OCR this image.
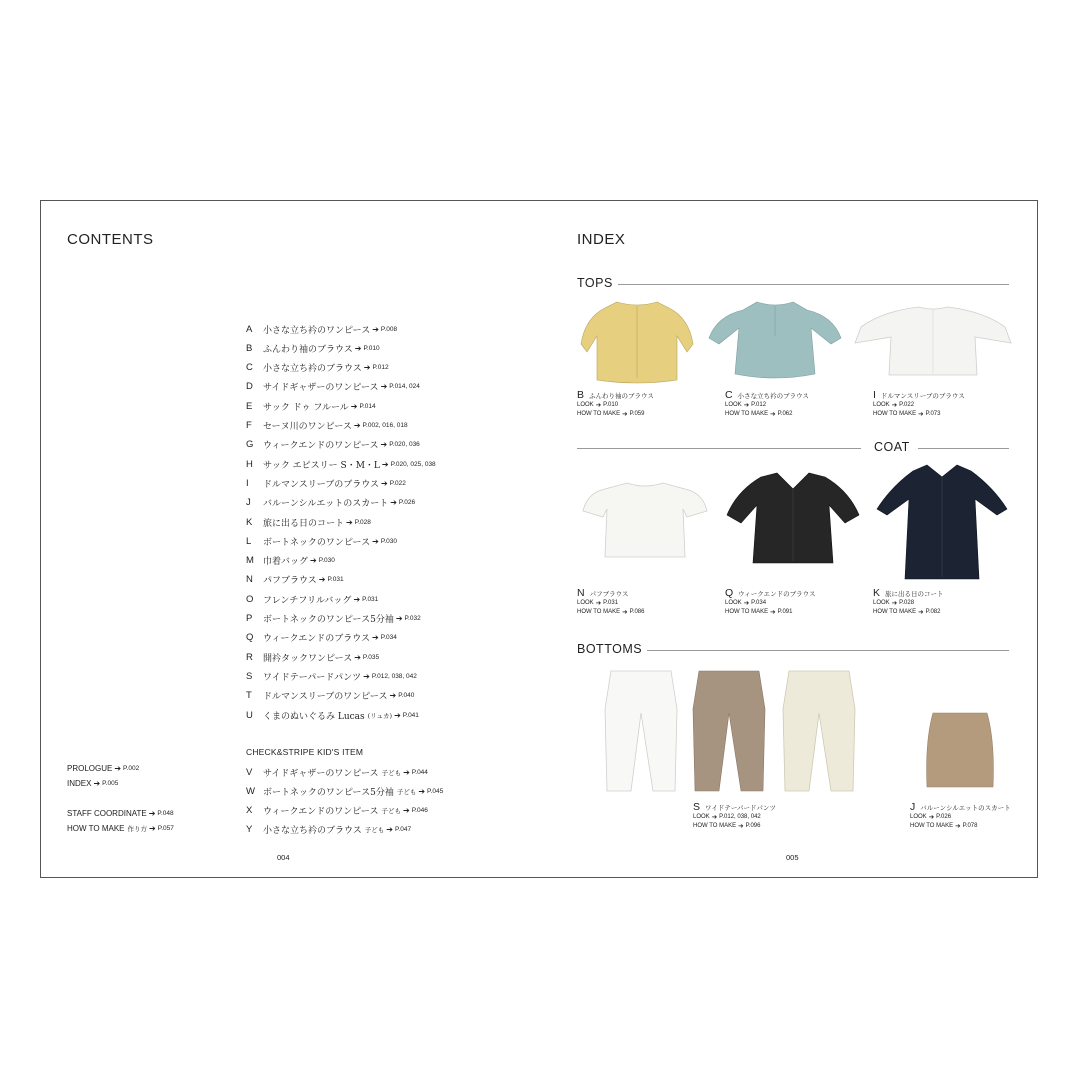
CONTENTS
A	小さな立ち衿のワンピース ➔ P.008
B	ふんわり袖のブラウス ➔ P.010
C	小さな立ち衿のブラウス ➔ P.012
D	サイドギャザーのワンピース ➔ P.014, 024
E	サック ドゥ フルール ➔ P.014
F	セーヌ川のワンピース ➔ P.002, 016, 018
G	ウィークエンドのワンピース ➔ P.020, 036
H	サック エピスリー S・M・L ➔ P.020, 025, 038
I	ドルマンスリーブのブラウス ➔ P.022
J	バルーンシルエットのスカート ➔ P.026
K	旅に出る日のコート ➔ P.028
L	ボートネックのワンピース ➔ P.030
M	巾着バッグ ➔ P.030
N	パフブラウス ➔ P.031
O	フレンチフリルバッグ ➔ P.031
P	ボートネックのワンピース5分袖 ➔ P.032
Q	ウィークエンドのブラウス ➔ P.034
R	開衿タックワンピース ➔ P.035
S	ワイドテーパードパンツ ➔ P.012, 038, 042
T	ドルマンスリーブのワンピース ➔ P.040
U	くまのぬいぐるみ Lucas (リュカ) ➔ P.041
CHECK&STRIPE KID'S ITEM
V	サイドギャザーのワンピース 子ども ➔ P.044
W ボートネックのワンピース5分袖 子ども ➔ P.045
X	ウィークエンドのワンピース 子ども ➔ P.046
Y	小さな立ち衿のブラウス 子ども ➔ P.047
PROLOGUE ➔ P.002
INDEX ➔ P.005
STAFF COORDINATE ➔ P.048
HOW TO MAKE 作り方 ➔ P.057
004
INDEX
TOPS
COAT
BOTTOMS
B ふんわり袖のブラウス
LOOK ➔ P.010
HOW TO MAKE ➔ P.059
C 小さな立ち衿のブラウス
LOOK ➔ P.012
HOW TO MAKE ➔ P.062
I ドルマンスリーブのブラウス
LOOK ➔ P.022
HOW TO MAKE ➔ P.073
N パフブラウス
LOOK ➔ P.031
HOW TO MAKE ➔ P.086
Q ウィークエンドのブラウス
LOOK ➔ P.034
HOW TO MAKE ➔ P.091
K 旅に出る日のコート
LOOK ➔ P.028
HOW TO MAKE ➔ P.082
S ワイドテーパードパンツ
LOOK ➔ P.012, 038, 042
HOW TO MAKE ➔ P.096
J バルーンシルエットのスカート
LOOK ➔ P.026
HOW TO MAKE ➔ P.078
005
